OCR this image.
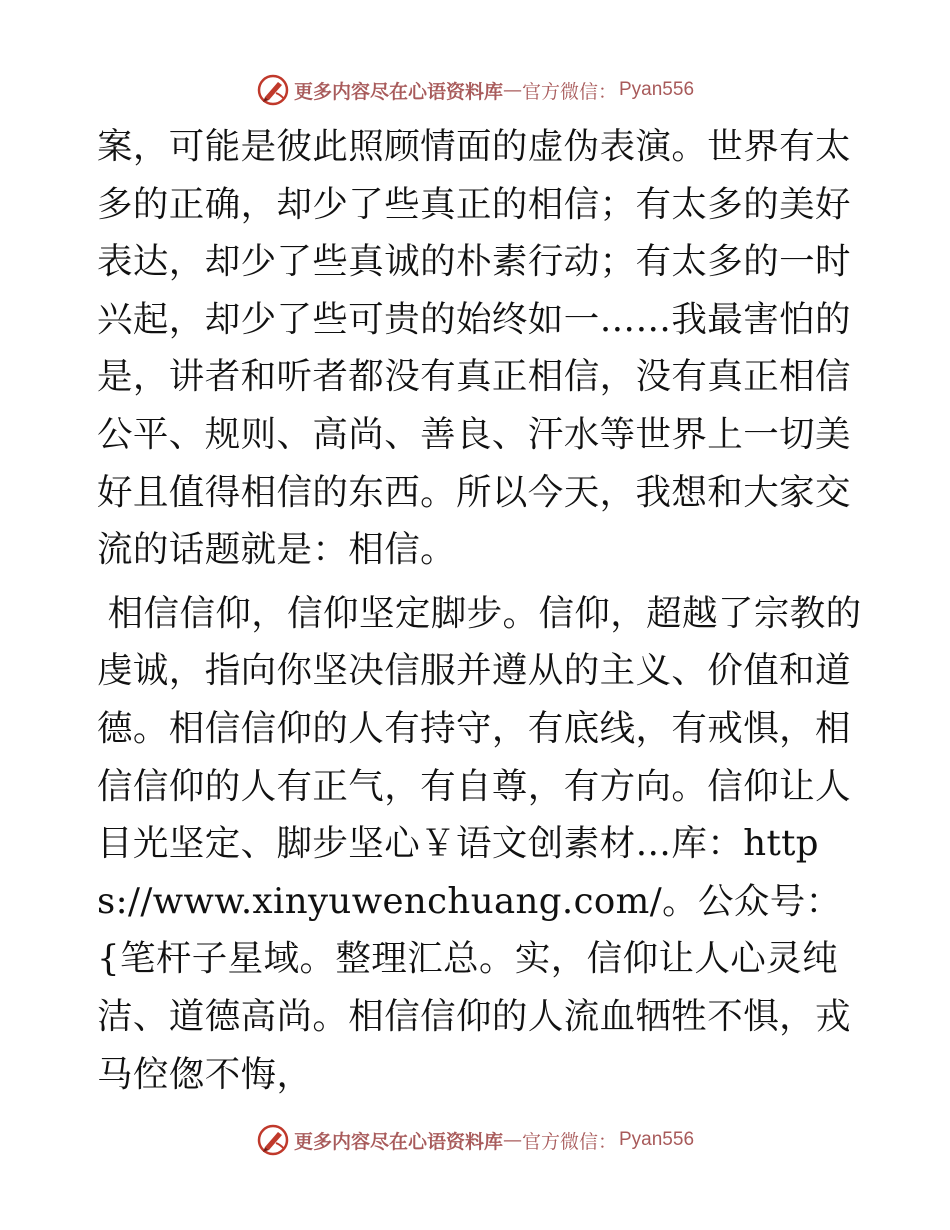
更多内容尽在心语资料库 — 官方微信： Pyan556

案，可能是彼此照顾情面的虚伪表演。世界有太多的正确，却少了些真正的相信；有太多的美好表达，却少了些真诚的朴素行动；有太多的一时兴起，却少了些可贵的始终如一……我最害怕的是，讲者和听者都没有真正相信，没有真正相信公平、规则、高尚、善良、汗水等世界上一切美好且值得相信的东西。所以今天，我想和大家交流的话题就是：相信。

相信信仰，信仰坚定脚步。信仰，超越了宗教的虔诚，指向你坚决信服并遵从的主义、价值和道德。相信信仰的人有持守，有底线，有戒惧，相信信仰的人有正气，有自尊，有方向。信仰让人目光坚定、脚步坚心￥语文创素材…库：https://www.xinyuwenchuang.com/。公众号：{笔杆子星域。整理汇总。实，信仰让人心灵纯洁、道德高尚。相信信仰的人流血牺牲不惧，戎马倥偬不悔，

更多内容尽在心语资料库 — 官方微信： Pyan556
